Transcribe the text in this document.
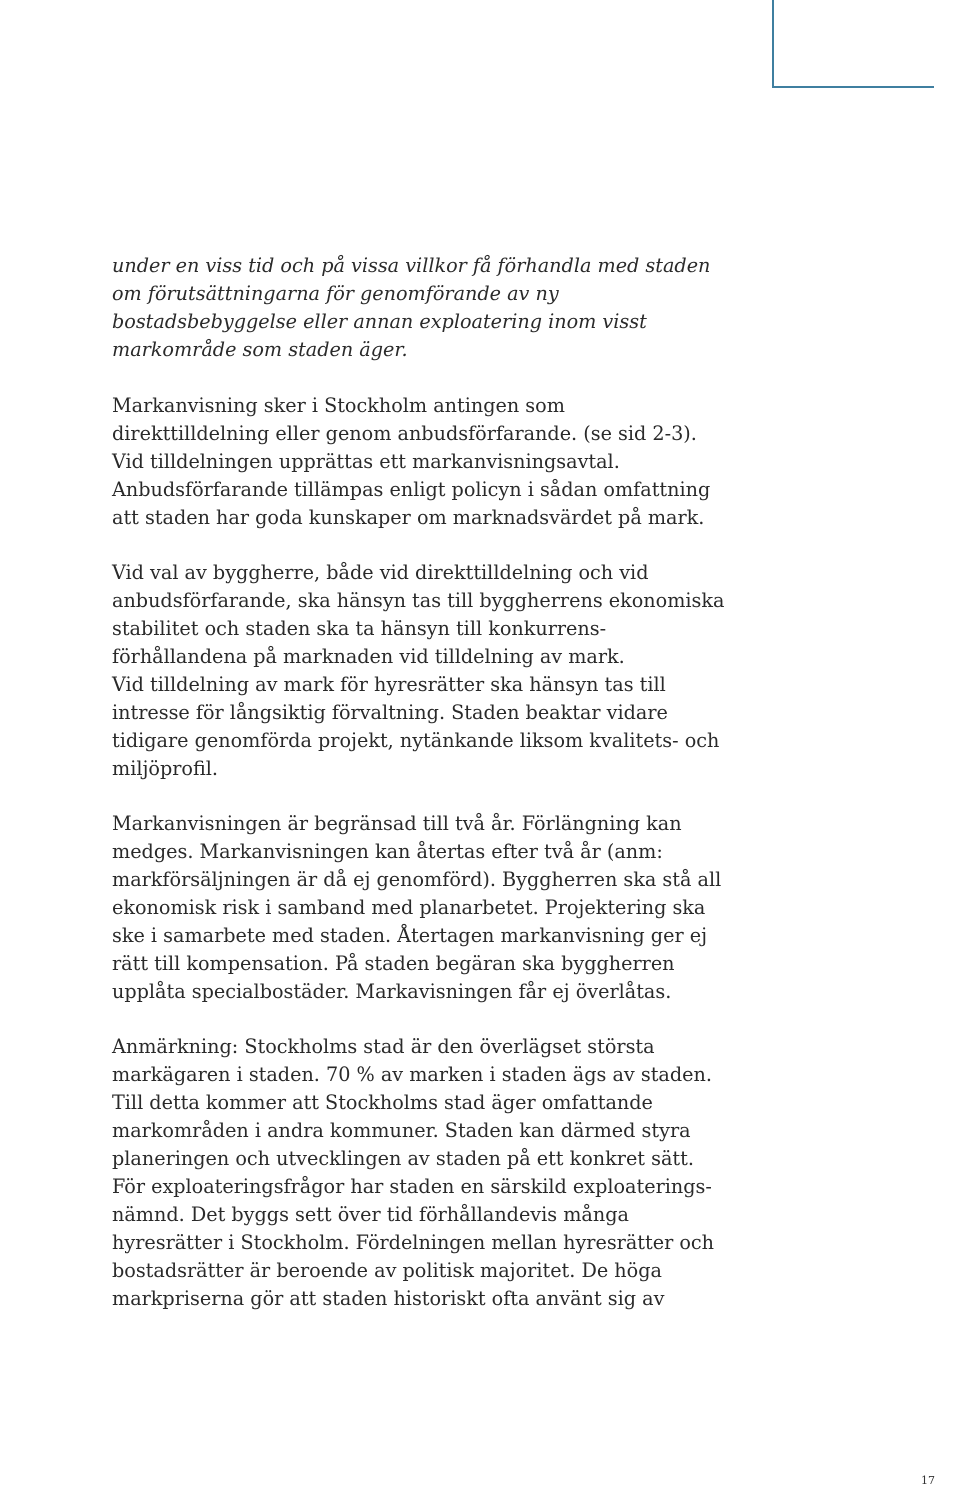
under en viss tid och på vissa villkor få förhandla med staden
om förutsättningarna för genomförande av ny
bostadsbebyggelse eller annan exploatering inom visst
markområde som staden äger.

Markanvisning sker i Stockholm antingen som
direkttilldelning eller genom anbudsförfarande. (se sid 2-3).
Vid tilldelningen upprättas ett markanvisningsavtal.
Anbudsförfarande tillämpas enligt policyn i sådan omfattning
att staden har goda kunskaper om marknadsvärdet på mark.

Vid val av byggherre, både vid direkttilldelning och vid
anbudsförfarande, ska hänsyn tas till byggherrens ekonomiska
stabilitet och staden ska ta hänsyn till konkurrens-
förhållandena på marknaden vid tilldelning av mark.
Vid tilldelning av mark för hyresrätter ska hänsyn tas till
intresse för långsiktig förvaltning. Staden beaktar vidare
tidigare genomförda projekt, nytänkande liksom kvalitets- och
miljöprofil.

Markanvisningen är begränsad till två år. Förlängning kan
medges. Markanvisningen kan återtas efter två år (anm:
markförsäljningen är då ej genomförd). Byggherren ska stå all
ekonomisk risk i samband med planarbetet. Projektering ska
ske i samarbete med staden. Återtagen markanvisning ger ej
rätt till kompensation. På staden begäran ska byggherren
upplåta specialbostäder. Markavisningen får ej överlåtas.

Anmärkning: Stockholms stad är den överlägset största
markägaren i staden. 70 % av marken i staden ägs av staden.
Till detta kommer att Stockholms stad äger omfattande
markområden i andra kommuner. Staden kan därmed styra
planeringen och utvecklingen av staden på ett konkret sätt.
För exploateringsfrågor har staden en särskild exploaterings-
nämnd. Det byggs sett över tid förhållandevis många
hyresrätter i Stockholm. Fördelningen mellan hyresrätter och
bostadsrätter är beroende av politisk majoritet. De höga
markpriserna gör att staden historiskt ofta använt sig av

17
